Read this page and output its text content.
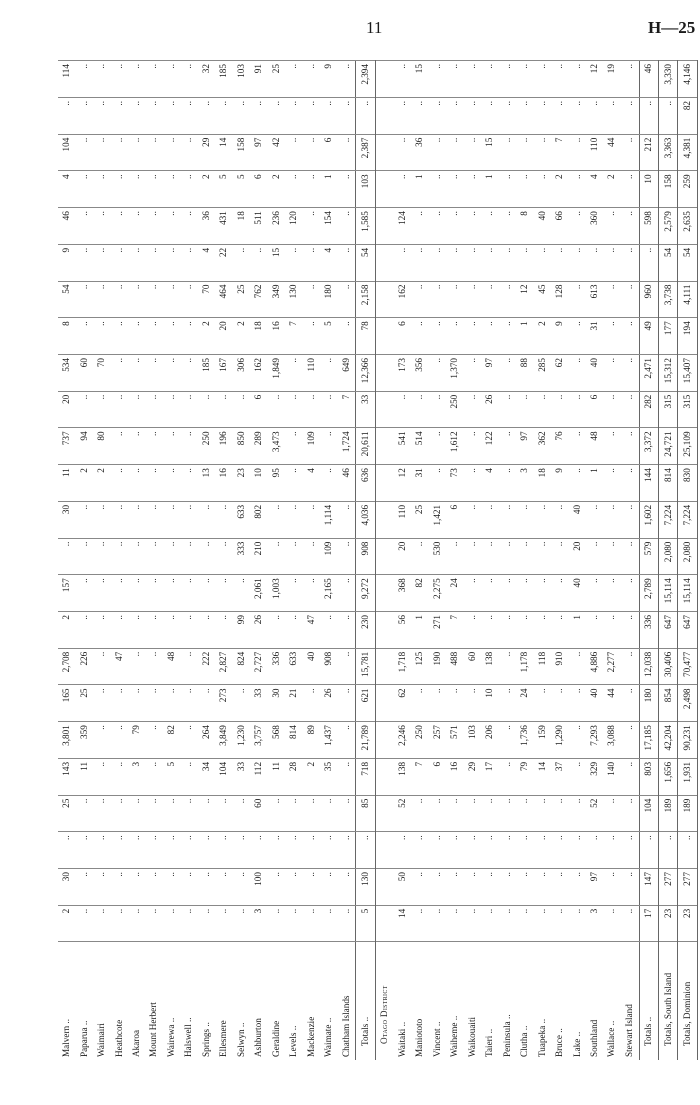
11	H—25
Malvern ..	2	30	..	25	143	3,801	165	2,708	2	157	..	30	11	737	20	534	8	54	9	46	4	104	..	114
Paparua ..	..	..	..	..	11	359	25	226	..	..	..	..	2	94	..	60	..	..	..	..	..	..	..	..
Waimairi	..	..	..	..	..	..	..	..	..	..	..	..	2	80	..	70	..	..	..	..	..	..	..	..
Heathcote	..	..	..	..	..	..	..	47	..	..	..	..	..	..	..	..	..	..	..	..	..	..	..	..
Akaroa	..	..	..	..	3	79	..	..	..	..	..	..	..	..	..	..	..	..	..	..	..	..	..	..
Mount Herbert	..	..	..	..	..	..	..	..	..	..	..	..	..	..	..	..	..	..	..	..	..	..	..	..
Wairewa ..	..	..	..	..	5	82	..	48	..	..	..	..	..	..	..	..	..	..	..	..	..	..	..	..
Halswell ..	..	..	..	..	..	..	..	..	..	..	..	..	..	..	..	..	..	..	..	..	..	..	..	..
Springs ..	..	..	..	..	34	264	..	222	..	..	..	..	13	250	..	185	2	70	4	36	2	29	..	32
Ellesmere	..	..	..	..	104	3,849	273	2,827	..	..	..	..	16	196	..	167	20	464	22	431	5	14	..	185
Selwyn ..	..	..	..	..	33	1,230	..	824	99	..	333	633	23	850	..	306	2	25	..	18	5	158	..	103
Ashburton	3	100	..	60	112	3,757	33	2,727	26	2,061	210	802	10	289	6	162	18	762	..	511	6	97	..	91
Geraldine	..	..	..	..	11	568	30	336	..	1,003	..	..	95	3,473	..	1,849	16	349	15	236	2	42	..	25
Levels ..	..	..	..	..	28	814	21	633	..	..	..	..	..	..	..	..	7	130	..	120	..	..	..	..
Mackenzie	..	..	..	..	2	89	..	40	47	..	..	..	4	109	..	110	..	..	..	..	..	..	..	..
Waimate ..	..	..	..	..	35	1,437	26	908	..	2,165	109	1,114	..	..	..	..	5	180	4	154	1	6	..	9
Chatham Islands	..	..	..	..	..	..	..	..	..	..	..	..	46	1,724	7	649	..	..	..	..	..	..	..	..
Totals ..	5	130	..	85	718	21,789	621	15,781	230	9,272	908	4,036	636	20,611	33	12,366	78	2,158	54	1,585	103	2,387	..	2,394
Otago District																								
Waitaki ..	14	50	..	52	138	2,246	62	1,718	56	368	20	110	12	541	..	173	6	162	..	124	..	..	..	..
Maniototo	..	..	..	..	7	250	..	125	1	82	..	25	31	514	..	356	..	..	..	..	1	36	..	15
Vincent ..	..	..	..	..	6	257	..	190	271	2,275	530	1,421	..	..	..	..	..	..	..	..	..	..	..	..
Waiheme ..	..	..	..	..	16	571	..	488	7	24	..	6	73	1,612	250	1,370	..	..	..	..	..	..	..	..
Waikouaiti	..	..	..	..	29	103	..	60	..	..	..	..	..	..	..	..	..	..	..	..	..	..	..	..
Taieri ..	..	..	..	..	17	206	10	138	..	..	..	..	4	122	26	97	..	..	..	..	1	15	..	..
Peninsula ..	..	..	..	..	..	..	..	..	..	..	..	..	..	..	..	..	..	..	..	..	..	..	..	..
Clutha ..	..	..	..	..	79	1,736	24	1,178	..	..	..	..	3	97	..	88	1	12	..	8	..	..	..	..
Tuapeka ..	..	..	..	..	14	159	..	118	..	..	..	..	18	362	..	285	2	45	..	40	..	..	..	..
Bruce ..	..	..	..	..	37	1,290	..	910	..	..	..	..	9	76	..	62	9	128	..	66	2	7	..	..
Lake ..	..	..	..	..	..	..	..	..	1	40	20	40	..	..	..	..	..	..	..	..	..	..	..	..
Southland	3	97	..	52	329	7,293	40	4,886	..	..	..	..	1	48	6	40	31	613	..	360	4	110	..	12
Wallace ..	..	..	..	..	140	3,088	44	2,277	..	..	..	..	..	..	..	..	..	..	..	..	2	44	..	19
Stewart Island	..	..	..	..	..	..	..	..	..	..	..	..	..	..	..	..	..	..	..	..	..	..	..	..
Totals ..	17	147	..	104	803	17,185	180	12,038	336	2,789	579	1,602	144	3,372	282	2,471	49	960	..	598	10	212	..	46
Totals, South Island	23	277	..	189	1,656	42,204	854	30,406	647	15,114	2,080	7,224	814	24,721	315	15,312	177	3,738	54	2,579	158	3,363	..	3,330
Totals, Dominion	23	277	..	189	1,931	90,231	2,498	70,477	647	15,114	2,080	7,224	830	25,109	315	15,407	194	4,111	54	2,635	259	4,381	82	4,146
